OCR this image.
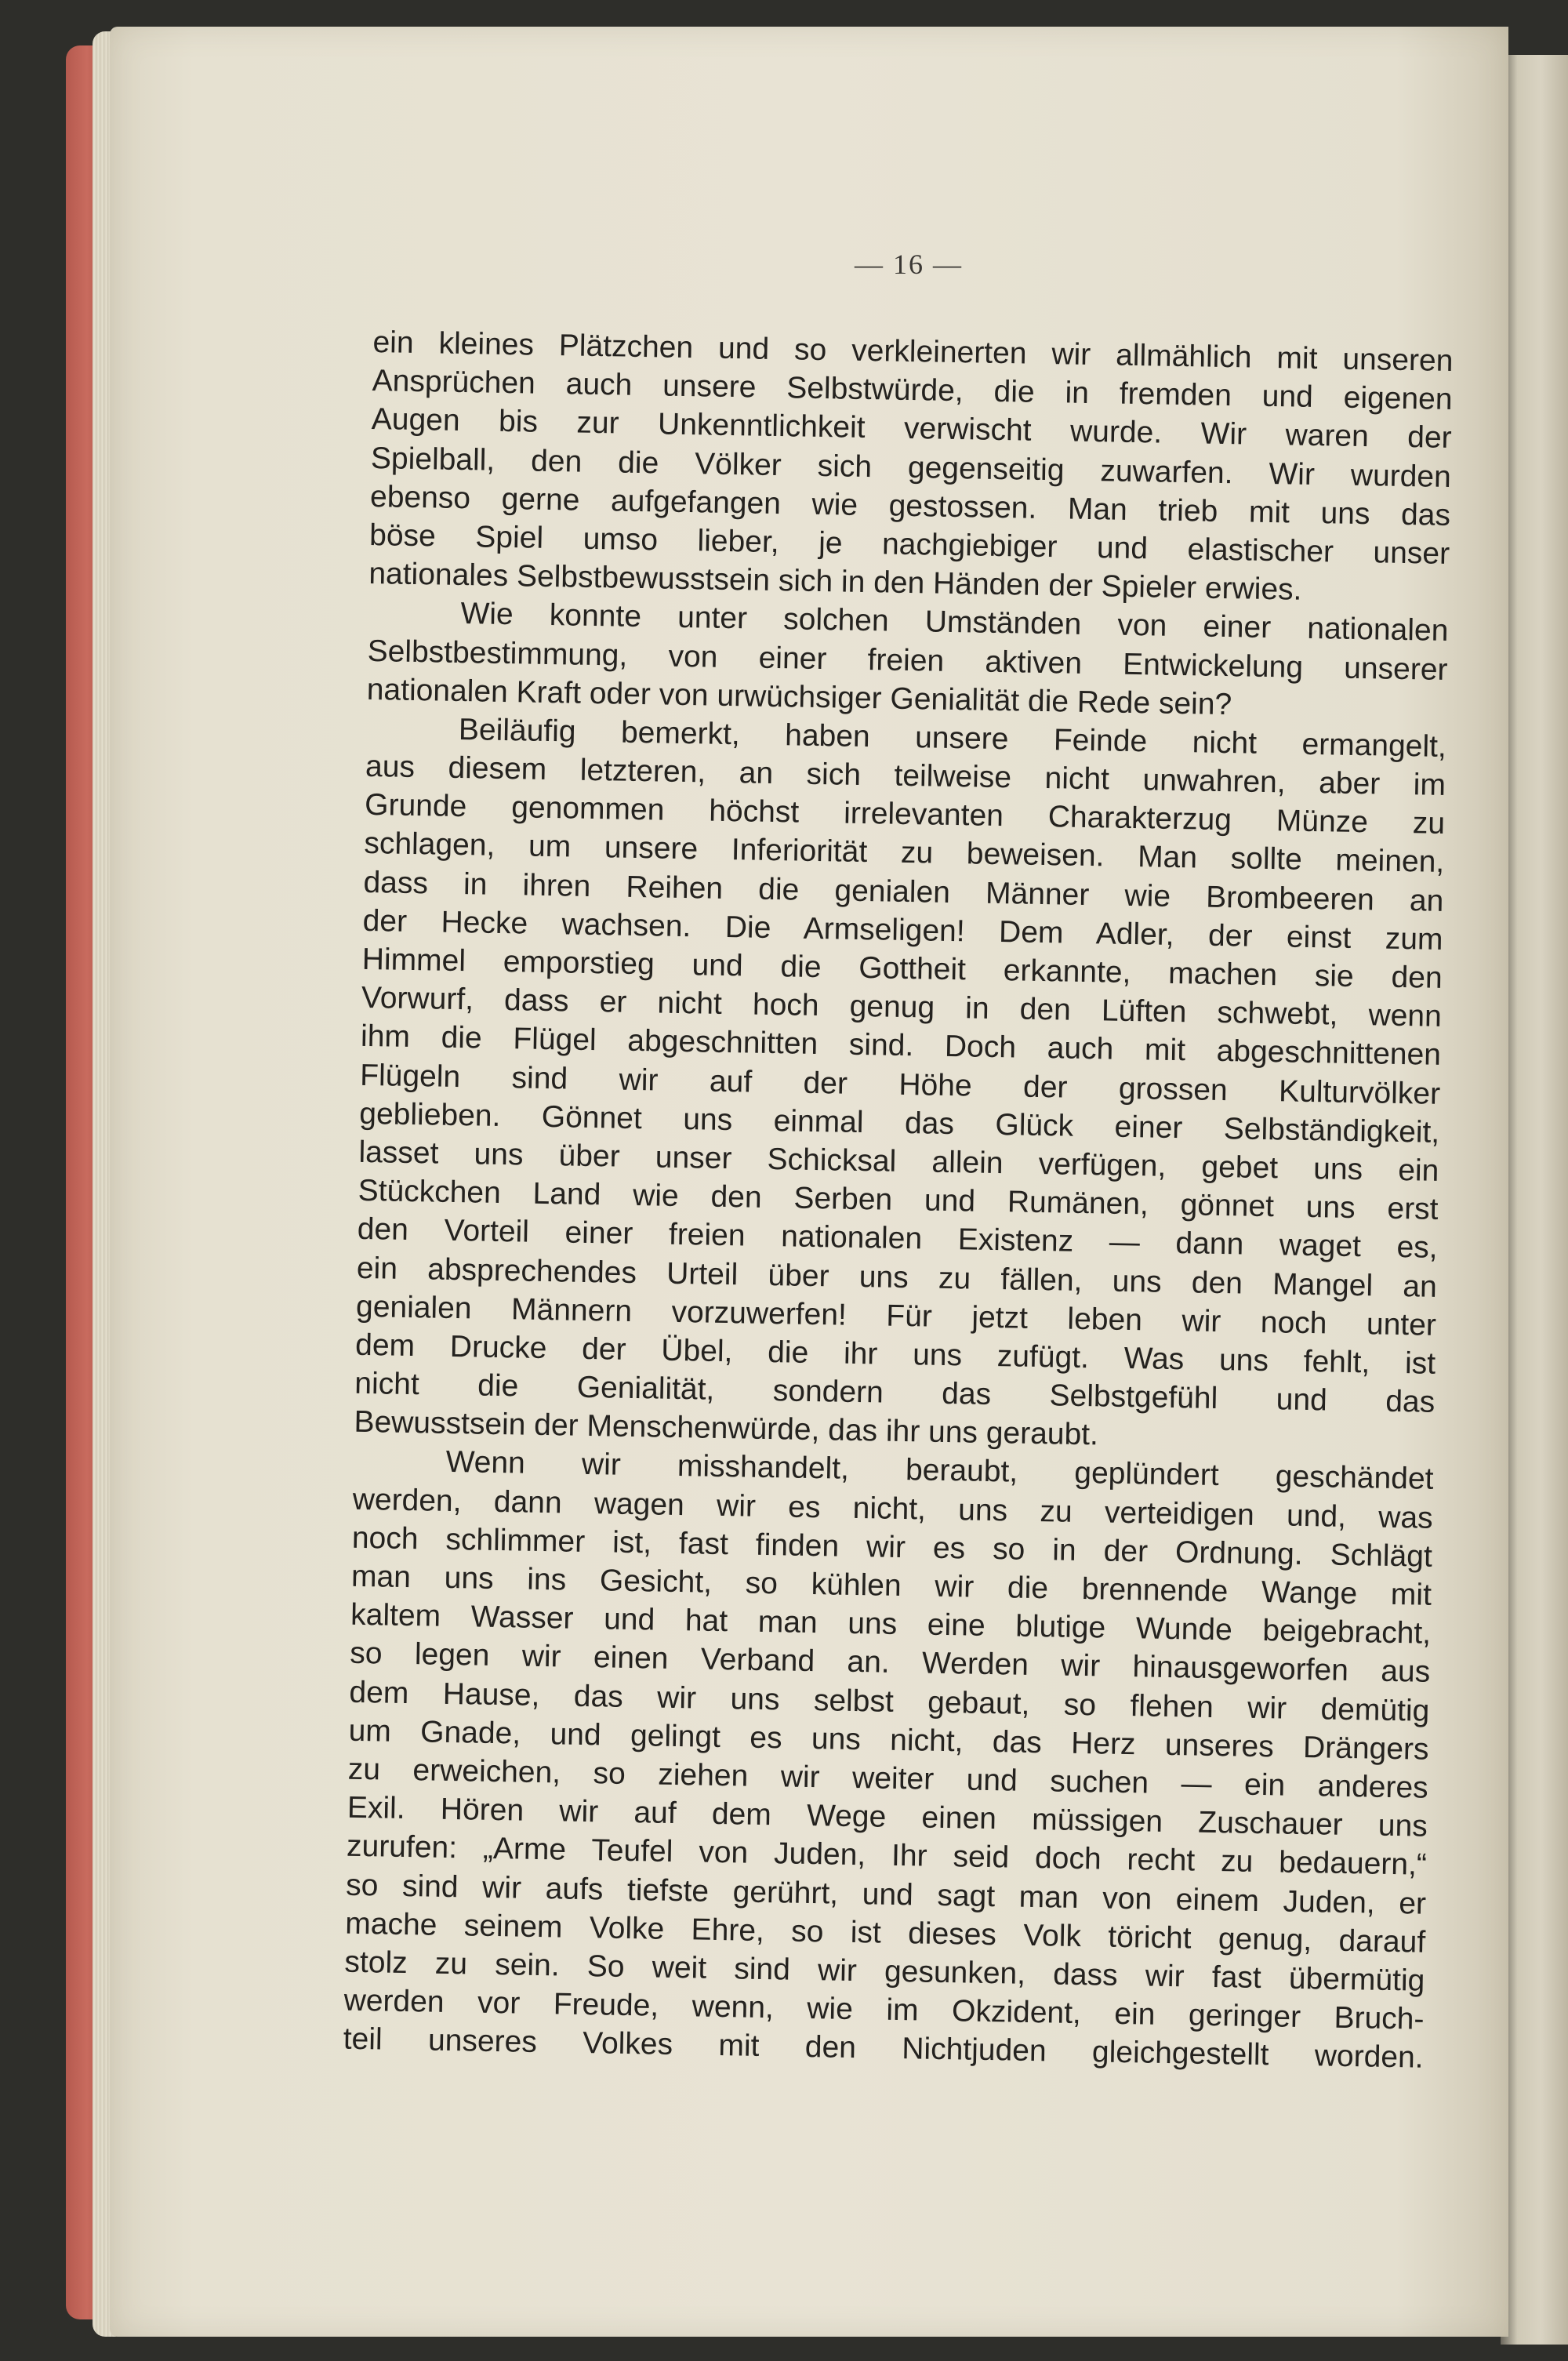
— 16 —
ein kleines Plätzchen und so verkleinerten wir allmählich mit unseren
Ansprüchen auch unsere Selbstwürde, die in fremden und eigenen
Augen bis zur Unkenntlichkeit verwischt wurde. Wir waren der
Spielball, den die Völker sich gegenseitig zuwarfen. Wir wurden
ebenso gerne aufgefangen wie gestossen. Man trieb mit uns das
böse Spiel umso lieber, je nachgiebiger und elastischer unser
nationales Selbstbewusstsein sich in den Händen der Spieler erwies.
Wie konnte unter solchen Umständen von einer nationalen
Selbstbestimmung, von einer freien aktiven Entwickelung unserer
nationalen Kraft oder von urwüchsiger Genialität die Rede sein?
Beiläufig bemerkt, haben unsere Feinde nicht ermangelt,
aus diesem letzteren, an sich teilweise nicht unwahren, aber im
Grunde genommen höchst irrelevanten Charakterzug Münze zu
schlagen, um unsere Inferiorität zu beweisen. Man sollte meinen,
dass in ihren Reihen die genialen Männer wie Brombeeren an
der Hecke wachsen. Die Armseligen! Dem Adler, der einst zum
Himmel emporstieg und die Gottheit erkannte, machen sie den
Vorwurf, dass er nicht hoch genug in den Lüften schwebt, wenn
ihm die Flügel abgeschnitten sind. Doch auch mit abgeschnittenen
Flügeln sind wir auf der Höhe der grossen Kulturvölker
geblieben. Gönnet uns einmal das Glück einer Selbständigkeit,
lasset uns über unser Schicksal allein verfügen, gebet uns ein
Stückchen Land wie den Serben und Rumänen, gönnet uns erst
den Vorteil einer freien nationalen Existenz — dann waget es,
ein absprechendes Urteil über uns zu fällen, uns den Mangel an
genialen Männern vorzuwerfen! Für jetzt leben wir noch unter
dem Drucke der Übel, die ihr uns zufügt. Was uns fehlt, ist
nicht die Genialität, sondern das Selbstgefühl und das
Bewusstsein der Menschenwürde, das ihr uns geraubt.
Wenn wir misshandelt, beraubt, geplündert geschändet
werden, dann wagen wir es nicht, uns zu verteidigen und, was
noch schlimmer ist, fast finden wir es so in der Ordnung. Schlägt
man uns ins Gesicht, so kühlen wir die brennende Wange mit
kaltem Wasser und hat man uns eine blutige Wunde beigebracht,
so legen wir einen Verband an. Werden wir hinausgeworfen aus
dem Hause, das wir uns selbst gebaut, so flehen wir demütig
um Gnade, und gelingt es uns nicht, das Herz unseres Drängers
zu erweichen, so ziehen wir weiter und suchen — ein anderes
Exil. Hören wir auf dem Wege einen müssigen Zuschauer uns
zurufen: „Arme Teufel von Juden, Ihr seid doch recht zu bedauern,“
so sind wir aufs tiefste gerührt, und sagt man von einem Juden, er
mache seinem Volke Ehre, so ist dieses Volk töricht genug, darauf
stolz zu sein. So weit sind wir gesunken, dass wir fast übermütig
werden vor Freude, wenn, wie im Okzident, ein geringer Bruch-
teil unseres Volkes mit den Nichtjuden gleichgestellt worden.
